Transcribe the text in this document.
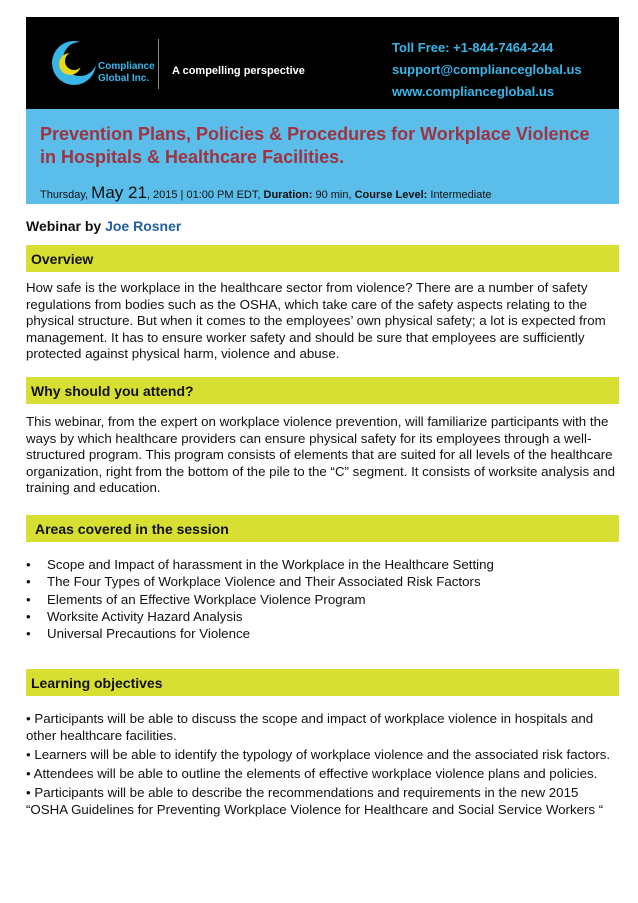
Compliance
Global Inc.
A compelling perspective
Toll Free: +1-844-7464-244
support@complianceglobal.us
www.complianceglobal.us
Prevention Plans, Policies & Procedures for Workplace Violence in Hospitals & Healthcare Facilities.
Thursday, May 21, 2015 | 01:00 PM EDT, Duration: 90 min, Course Level: Intermediate
Webinar by Joe Rosner
Overview
How safe is the workplace in the healthcare sector from violence? There are a number of safety regulations from bodies such as the OSHA, which take care of the safety aspects relating to the physical structure. But when it comes to the employees’ own physical safety; a lot is expected from management. It has to ensure worker safety and should be sure that employees are sufficiently protected against physical harm, violence and abuse.
Why should you attend?
This webinar, from the expert on workplace violence prevention, will familiarize participants with the ways by which healthcare providers can ensure physical safety for its employees through a well-structured program. This program consists of elements that are suited for all levels of the healthcare organization, right from the bottom of the pile to the “C” segment. It consists of worksite analysis and training and education.
Areas covered in the session
• Scope and Impact of harassment in the Workplace in the Healthcare Setting
• The Four Types of Workplace Violence and Their Associated Risk Factors
• Elements of an Effective Workplace Violence Program
• Worksite Activity Hazard Analysis
• Universal Precautions for Violence
Learning objectives
• Participants will be able to discuss the scope and impact of workplace violence in hospitals and other healthcare facilities.
• Learners will be able to identify the typology of workplace violence and the associated risk factors.
• Attendees will be able to outline the elements of effective workplace violence plans and policies.
• Participants will be able to describe the recommendations and requirements in the new 2015 “OSHA Guidelines for Preventing Workplace Violence for Healthcare and Social Service Workers “
